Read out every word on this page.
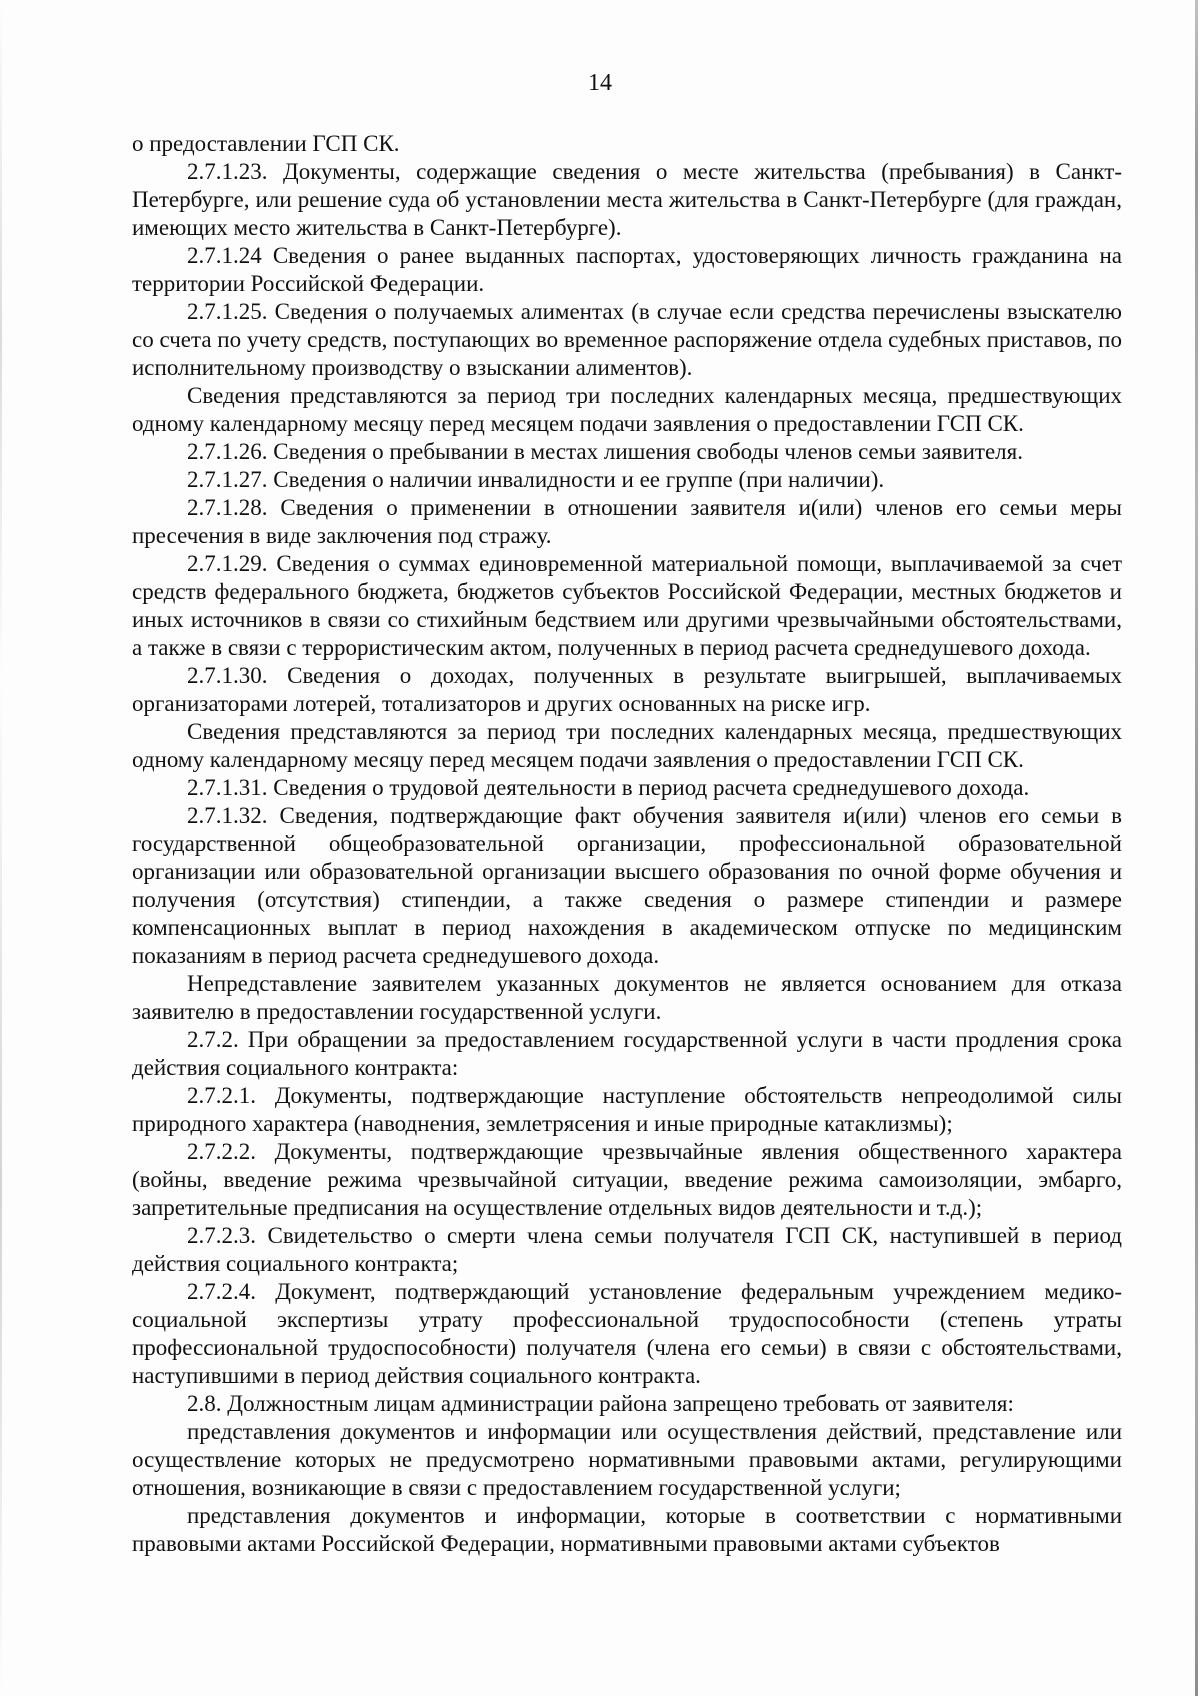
14

о предоставлении ГСП СК.

2.7.1.23. Документы, содержащие сведения о месте жительства (пребывания) в Санкт-Петербурге, или решение суда об установлении места жительства в Санкт-Петербурге (для граждан, имеющих место жительства в Санкт-Петербурге).

2.7.1.24 Сведения о ранее выданных паспортах, удостоверяющих личность гражданина на территории Российской Федерации.

2.7.1.25. Сведения о получаемых алиментах (в случае если средства перечислены взыскателю со счета по учету средств, поступающих во временное распоряжение отдела судебных приставов, по исполнительному производству о взыскании алиментов).

Сведения представляются за период три последних календарных месяца, предшествующих одному календарному месяцу перед месяцем подачи заявления о предоставлении ГСП СК.

2.7.1.26. Сведения о пребывании в местах лишения свободы членов семьи заявителя.

2.7.1.27. Сведения о наличии инвалидности и ее группе (при наличии).

2.7.1.28. Сведения о применении в отношении заявителя и(или) членов его семьи меры пресечения в виде заключения под стражу.

2.7.1.29. Сведения о суммах единовременной материальной помощи, выплачиваемой за счет средств федерального бюджета, бюджетов субъектов Российской Федерации, местных бюджетов и иных источников в связи со стихийным бедствием или другими чрезвычайными обстоятельствами, а также в связи с террористическим актом, полученных в период расчета среднедушевого дохода.

2.7.1.30. Сведения о доходах, полученных в результате выигрышей, выплачиваемых организаторами лотерей, тотализаторов и других основанных на риске игр.

Сведения представляются за период три последних календарных месяца, предшествующих одному календарному месяцу перед месяцем подачи заявления о предоставлении ГСП СК.

2.7.1.31. Сведения о трудовой деятельности в период расчета среднедушевого дохода.

2.7.1.32. Сведения, подтверждающие факт обучения заявителя и(или) членов его семьи в государственной общеобразовательной организации, профессиональной образовательной организации или образовательной организации высшего образования по очной форме обучения и получения (отсутствия) стипендии, а также сведения о размере стипендии и размере компенсационных выплат в период нахождения в академическом отпуске по медицинским показаниям в период расчета среднедушевого дохода.

Непредставление заявителем указанных документов не является основанием для отказа заявителю в предоставлении государственной услуги.

2.7.2. При обращении за предоставлением государственной услуги в части продления срока действия социального контракта:

2.7.2.1. Документы, подтверждающие наступление обстоятельств непреодолимой силы природного характера (наводнения, землетрясения и иные природные катаклизмы);

2.7.2.2. Документы, подтверждающие чрезвычайные явления общественного характера (войны, введение режима чрезвычайной ситуации, введение режима самоизоляции, эмбарго, запретительные предписания на осуществление отдельных видов деятельности и т.д.);

2.7.2.3. Свидетельство о смерти члена семьи получателя ГСП СК, наступившей в период действия социального контракта;

2.7.2.4. Документ, подтверждающий установление федеральным учреждением медико-социальной экспертизы утрату профессиональной трудоспособности (степень утраты профессиональной трудоспособности) получателя (члена его семьи) в связи с обстоятельствами, наступившими в период действия социального контракта.

2.8. Должностным лицам администрации района запрещено требовать от заявителя:

представления документов и информации или осуществления действий, представление или осуществление которых не предусмотрено нормативными правовыми актами, регулирующими отношения, возникающие в связи с предоставлением государственной услуги;

представления документов и информации, которые в соответствии с нормативными правовыми актами Российской Федерации, нормативными правовыми актами субъектов
